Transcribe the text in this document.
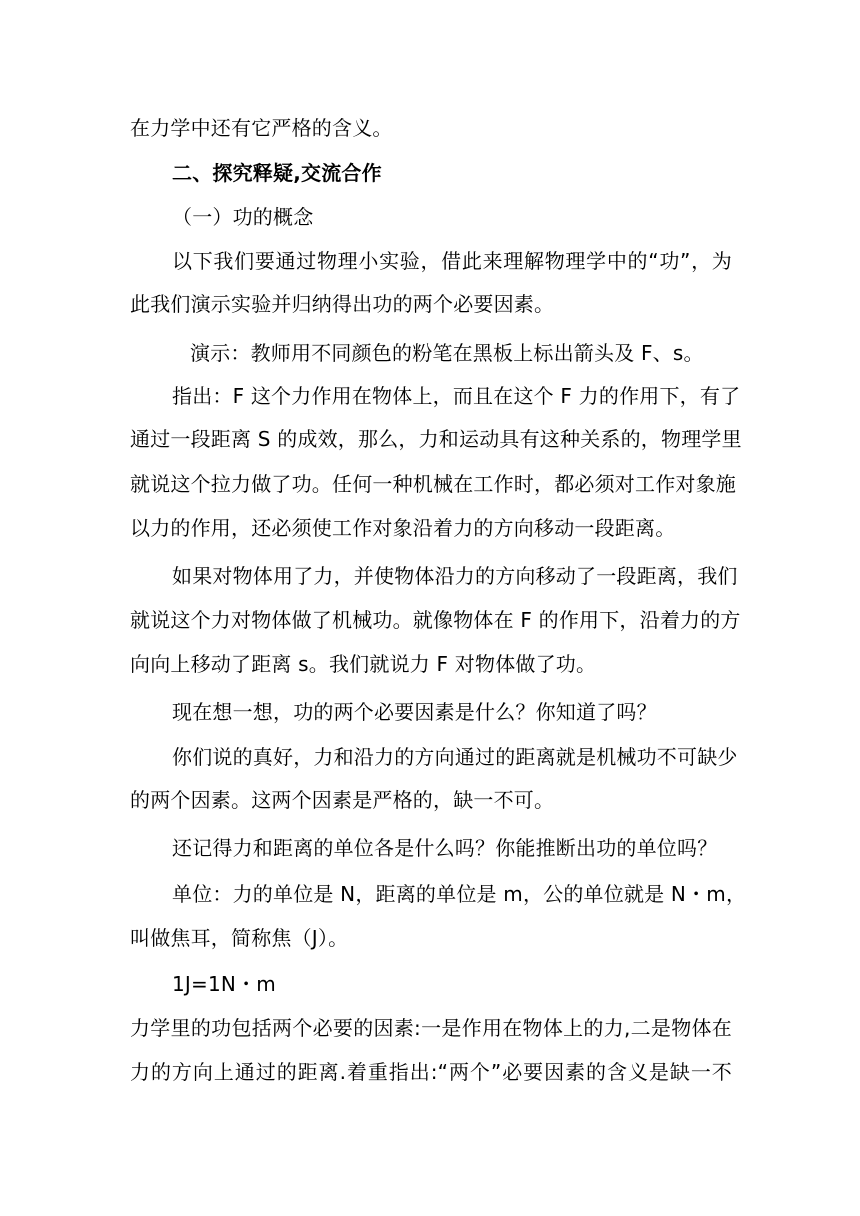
在力学中还有它严格的含义。
二、探究释疑,交流合作
（一）功的概念
以下我们要通过物理小实验，借此来理解物理学中的“功”，为
此我们演示实验并归纳得出功的两个必要因素。
演示：教师用不同颜色的粉笔在黑板上标出箭头及 F、s。
指出：F 这个力作用在物体上，而且在这个 F 力的作用下，有了
通过一段距离 S 的成效，那么，力和运动具有这种关系的，物理学里
就说这个拉力做了功。任何一种机械在工作时，都必须对工作对象施
以力的作用，还必须使工作对象沿着力的方向移动一段距离。
如果对物体用了力，并使物体沿力的方向移动了一段距离，我们
就说这个力对物体做了机械功。就像物体在 F 的作用下，沿着力的方
向向上移动了距离 s。我们就说力 F 对物体做了功。
现在想一想，功的两个必要因素是什么？你知道了吗？
你们说的真好，力和沿力的方向通过的距离就是机械功不可缺少
的两个因素。这两个因素是严格的，缺一不可。
还记得力和距离的单位各是什么吗？你能推断出功的单位吗？
单位：力的单位是 N，距离的单位是 m，公的单位就是 N・m，
叫做焦耳，简称焦（J）。
1J=1N・m
力学里的功包括两个必要的因素:一是作用在物体上的力,二是物体在
力的方向上通过的距离.着重指出:“两个”必要因素的含义是缺一不
